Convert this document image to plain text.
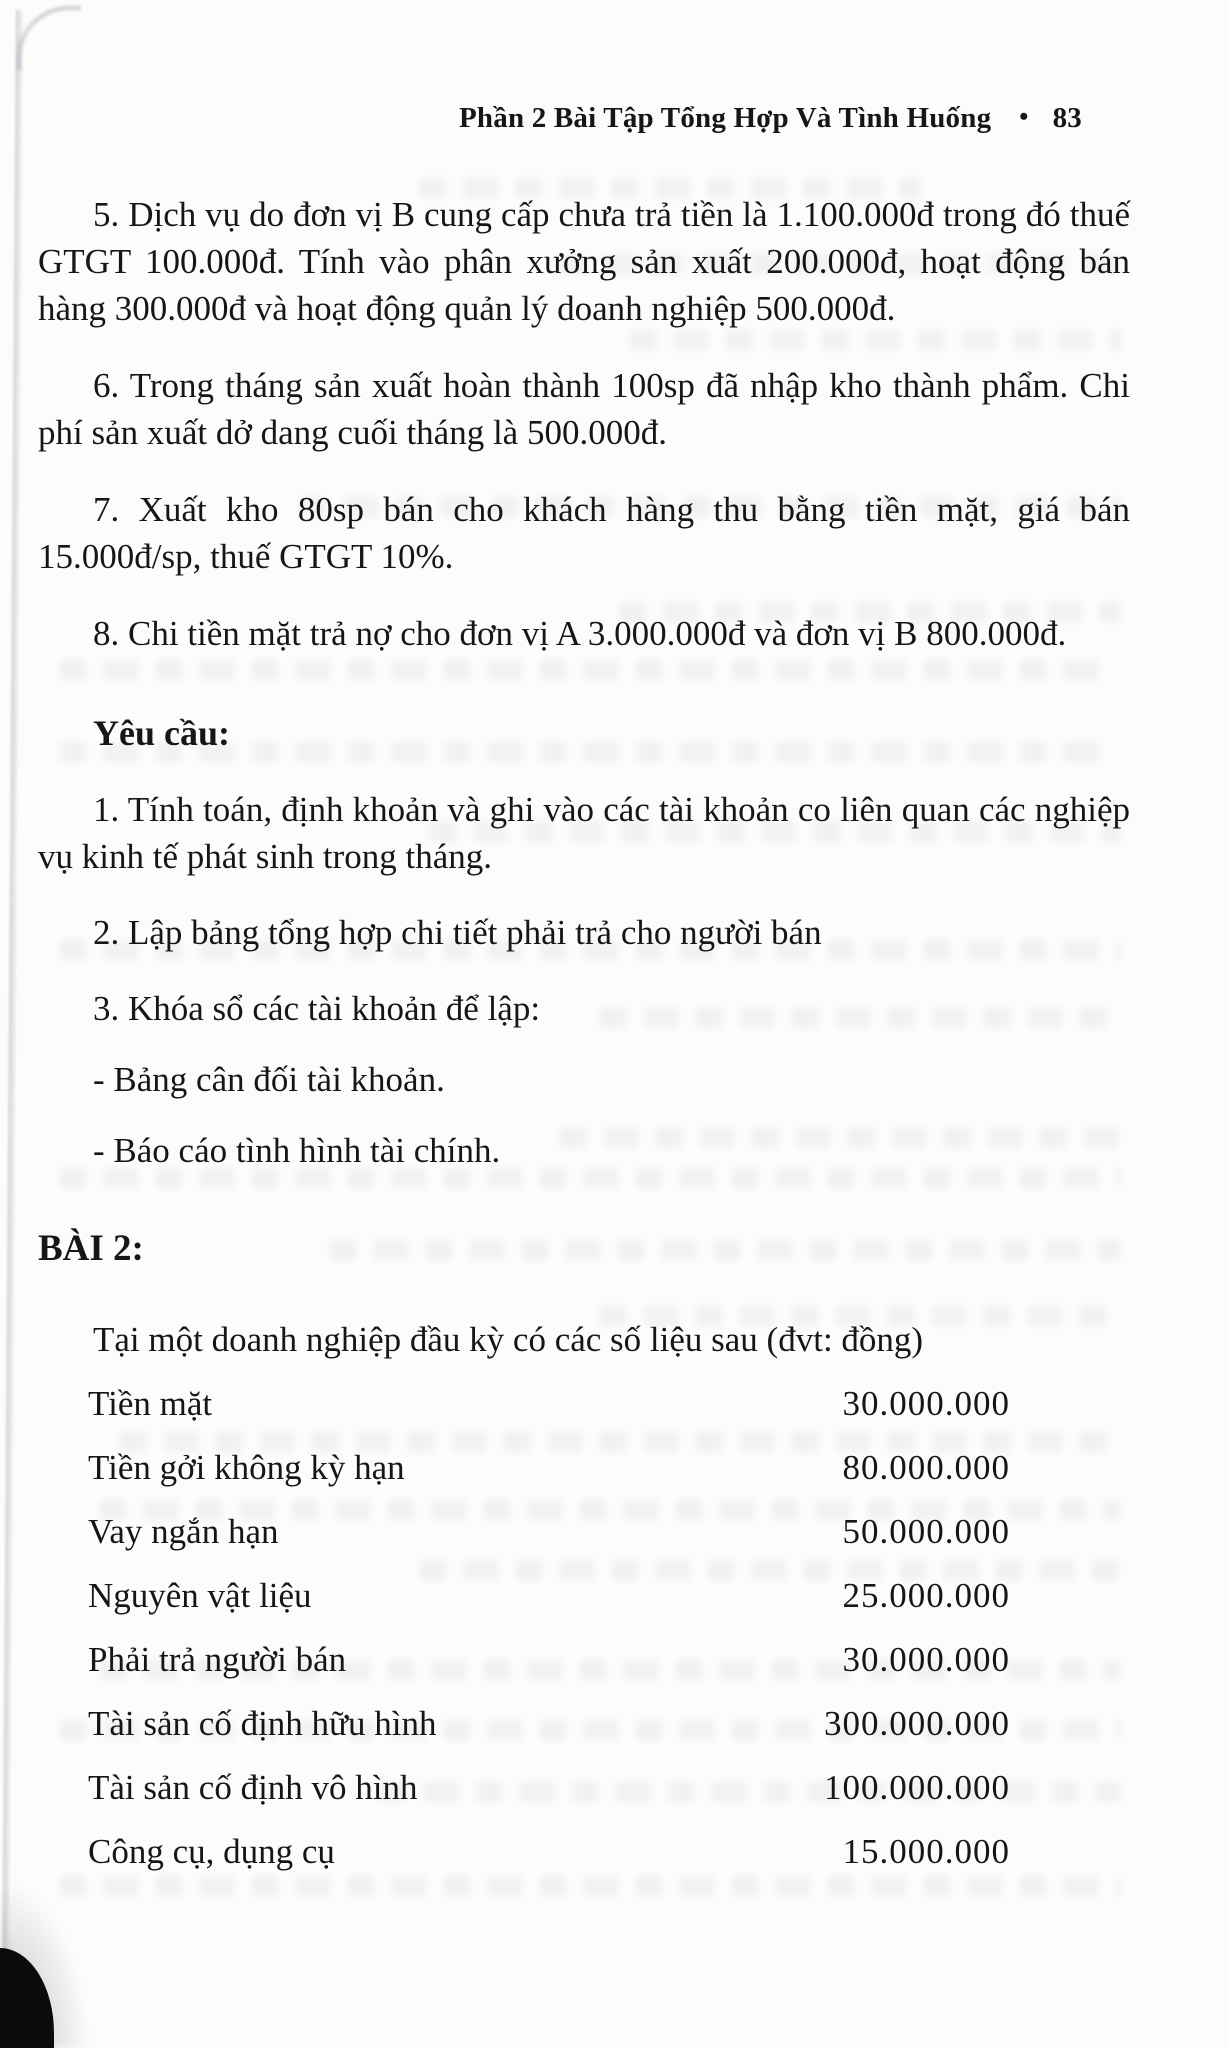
Phần 2 Bài Tập Tổng Hợp Và Tình Huống • 83

5. Dịch vụ do đơn vị B cung cấp chưa trả tiền là 1.100.000đ trong đó thuế GTGT 100.000đ. Tính vào phân xưởng sản xuất 200.000đ, hoạt động bán hàng 300.000đ và hoạt động quản lý doanh nghiệp 500.000đ.

6. Trong tháng sản xuất hoàn thành 100sp đã nhập kho thành phẩm. Chi phí sản xuất dở dang cuối tháng là 500.000đ.

7. Xuất kho 80sp bán cho khách hàng thu bằng tiền mặt, giá bán 15.000đ/sp, thuế GTGT 10%.

8. Chi tiền mặt trả nợ cho đơn vị A 3.000.000đ và đơn vị B 800.000đ.

Yêu cầu:

1. Tính toán, định khoản và ghi vào các tài khoản co liên quan các nghiệp vụ kinh tế phát sinh trong tháng.

2. Lập bảng tổng hợp chi tiết phải trả cho người bán

3. Khóa sổ các tài khoản để lập:

- Bảng cân đối tài khoản.

- Báo cáo tình hình tài chính.

BÀI 2:

Tại một doanh nghiệp đầu kỳ có các số liệu sau (đvt: đồng)

Tiền mặt	30.000.000
Tiền gởi không kỳ hạn	80.000.000
Vay ngắn hạn	50.000.000
Nguyên vật liệu	25.000.000
Phải trả người bán	30.000.000
Tài sản cố định hữu hình	300.000.000
Tài sản cố định vô hình	100.000.000
Công cụ, dụng cụ	15.000.000
